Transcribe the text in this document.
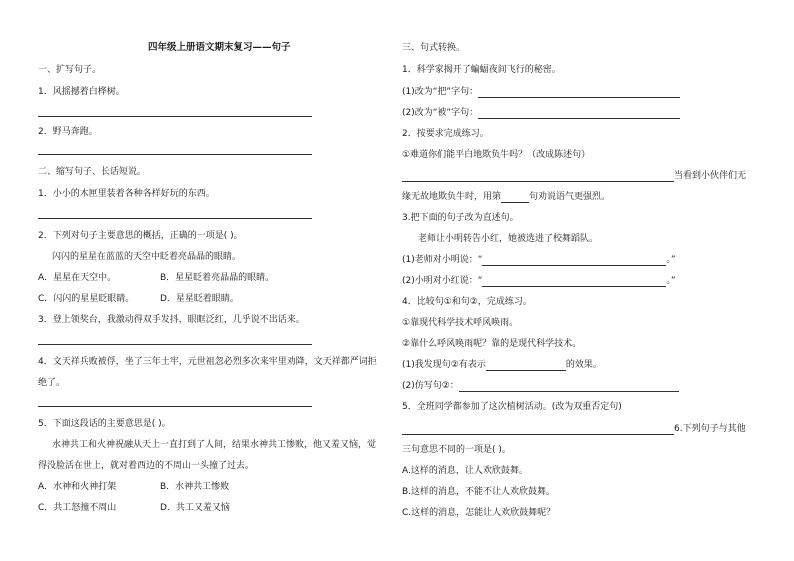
四年级上册语文期末复习——句子
一、扩写句子。
1．风摇撼着白桦树。
2．野马奔跑。
二、缩写句子、长话短说。
1．小小的木匣里装着各种各样好玩的东西。
2．下列对句子主要意思的概括，正确的一项是( )。
闪闪的星星在蓝蓝的天空中眨着亮晶晶的眼睛。
A．星星在天空中。	B．星星眨着亮晶晶的眼睛。
C．闪闪的星星眨眼睛。	D．星星眨着眼睛。
3．登上领奖台，我激动得双手发抖，眼眶泛红，几乎说不出话来。
4．文天祥兵败被俘，坐了三年土牢，元世祖忽必烈多次来牢里劝降，文天祥都严词拒
绝了。
5．下面这段话的主要意思是( )。
水神共工和火神祝融从天上一直打到了人间，结果水神共工惨败，他又羞又恼，觉
得没脸活在世上，就对着西边的不周山一头撞了过去。
A．水神和火神打架	B．水神共工惨败
C．共工怒撞不周山	D．共工又羞又恼
三、句式转换。
1．科学家揭开了蝙蝠夜间飞行的秘密。
(1)改为“把”字句：
(2)改为“被”字句：
2．按要求完成练习。
①难道你们能平白地欺负牛吗？（改成陈述句）
当看到小伙伴们无
缘无故地欺负牛时，用第	句劝说语气更强烈。
3.把下面的句子改为直述句。
老师让小明转告小红，她被选进了校舞蹈队。
(1)老师对小明说：“	。”
(2)小明对小红说：“	。”
4．比较句①和句②，完成练习。
①靠现代科学技术呼风唤雨。
②靠什么呼风唤雨呢？靠的是现代科学技术。
(1)我发现句②有表示	的效果。
(2)仿写句②：
5．全班同学都参加了这次植树活动。(改为双重否定句)
6.下列句子与其他
三句意思不同的一项是( )。
A.这样的消息，让人欢欣鼓舞。
B.这样的消息，不能不让人欢欣鼓舞。
C.这样的消息，怎能让人欢欣鼓舞呢？
